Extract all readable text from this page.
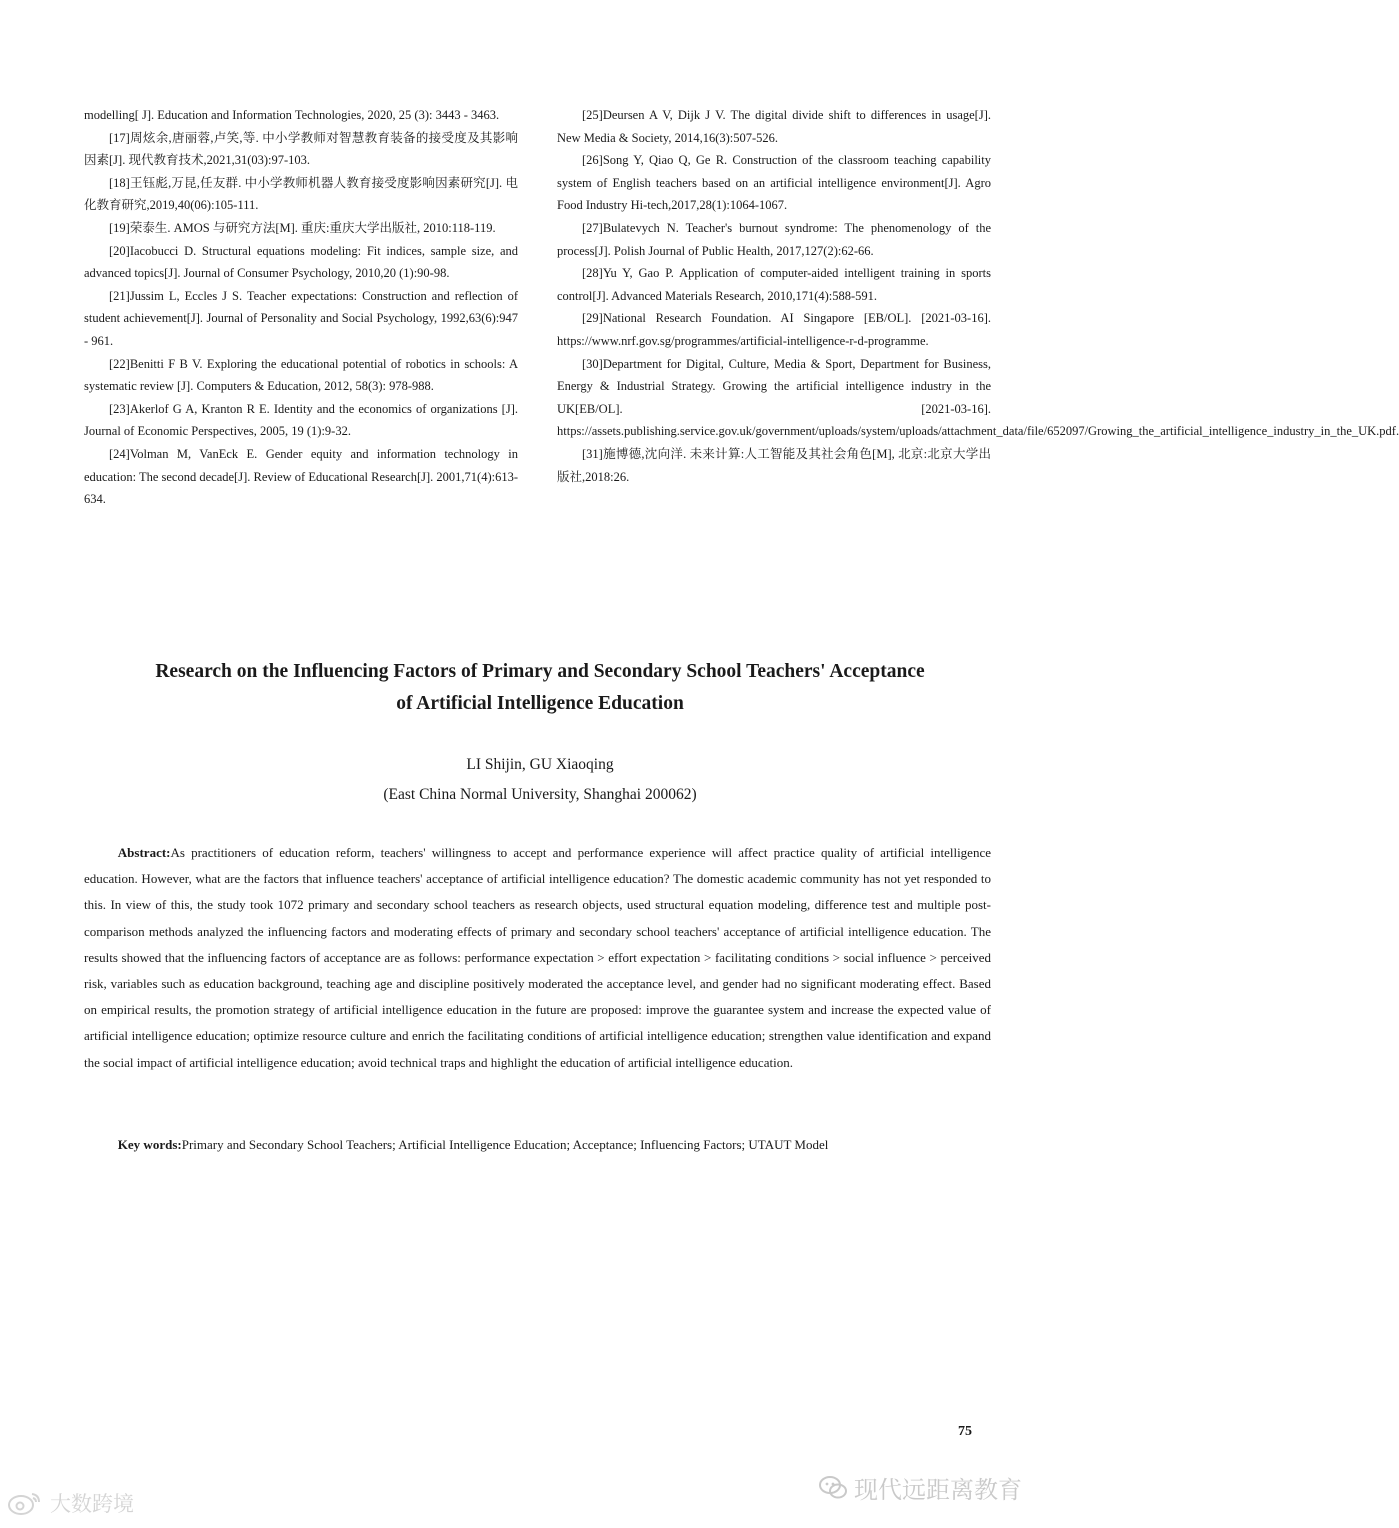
modelling[ J]. Education and Information Technologies, 2020, 25 (3): 3443 - 3463.

[17]周炫余,唐丽蓉,卢笑,等. 中小学教师对智慧教育装备的接受度及其影响因素[J]. 现代教育技术,2021,31(03):97-103.

[18]王钰彪,万昆,任友群. 中小学教师机器人教育接受度影响因素研究[J]. 电化教育研究,2019,40(06):105-111.

[19]荣泰生. AMOS 与研究方法[M]. 重庆:重庆大学出版社, 2010:118-119.

[20]Iacobucci D. Structural equations modeling: Fit indices, sample size, and advanced topics[J]. Journal of Consumer Psychology, 2010,20 (1):90-98.

[21]Jussim L, Eccles J S. Teacher expectations: Construction and reflection of student achievement[J]. Journal of Personality and Social Psychology, 1992,63(6):947 - 961.

[22]Benitti F B V. Exploring the educational potential of robotics in schools: A systematic review [J]. Computers & Education, 2012, 58(3): 978-988.

[23]Akerlof G A, Kranton R E. Identity and the economics of organizations [J]. Journal of Economic Perspectives, 2005, 19 (1):9-32.

[24]Volman M, VanEck E. Gender equity and information technology in education: The second decade[J]. Review of Educational Research[J]. 2001,71(4):613-634.

[25]Deursen A V, Dijk J V. The digital divide shift to differences in usage[J]. New Media & Society, 2014,16(3):507-526.

[26]Song Y, Qiao Q, Ge R. Construction of the classroom teaching capability system of English teachers based on an artificial intelligence environment[J]. Agro Food Industry Hi-tech,2017,28(1):1064-1067.

[27]Bulatevych N. Teacher's burnout syndrome: The phenomenology of the process[J]. Polish Journal of Public Health, 2017,127(2):62-66.

[28]Yu Y, Gao P. Application of computer-aided intelligent training in sports control[J]. Advanced Materials Research, 2010,171(4):588-591.

[29]National Research Foundation. AI Singapore [EB/OL]. [2021-03-16]. https://www.nrf.gov.sg/programmes/artificial-intelligence-r-d-programme.

[30]Department for Digital, Culture, Media & Sport, Department for Business, Energy & Industrial Strategy. Growing the artificial intelligence industry in the UK[EB/OL]. [2021-03-16]. https://assets.publishing.service.gov.uk/government/uploads/system/uploads/attachment_data/file/652097/Growing_the_artificial_intelligence_industry_in_the_UK.pdf.

[31]施博德,沈向洋. 未来计算:人工智能及其社会角色[M], 北京:北京大学出版社,2018:26.

Research on the Influencing Factors of Primary and Secondary School Teachers' Acceptance
of Artificial Intelligence Education

LI Shijin, GU Xiaoqing

(East China Normal University, Shanghai 200062)

Abstract:As practitioners of education reform, teachers' willingness to accept and performance experience will affect practice quality of artificial intelligence education. However, what are the factors that influence teachers' acceptance of artificial intelligence education? The domestic academic community has not yet responded to this. In view of this, the study took 1072 primary and secondary school teachers as research objects, used structural equation modeling, difference test and multiple post-comparison methods analyzed the influencing factors and moderating effects of primary and secondary school teachers' acceptance of artificial intelligence education. The results showed that the influencing factors of acceptance are as follows: performance expectation > effort expectation > facilitating conditions > social influence > perceived risk, variables such as education background, teaching age and discipline positively moderated the acceptance level, and gender had no significant moderating effect. Based on empirical results, the promotion strategy of artificial intelligence education in the future are proposed: improve the guarantee system and increase the expected value of artificial intelligence education; optimize resource culture and enrich the facilitating conditions of artificial intelligence education; strengthen value identification and expand the social impact of artificial intelligence education; avoid technical traps and highlight the education of artificial intelligence education.

Key words:Primary and Secondary School Teachers; Artificial Intelligence Education; Acceptance; Influencing Factors; UTAUT Model

75

现代远距离教育
大数跨境
